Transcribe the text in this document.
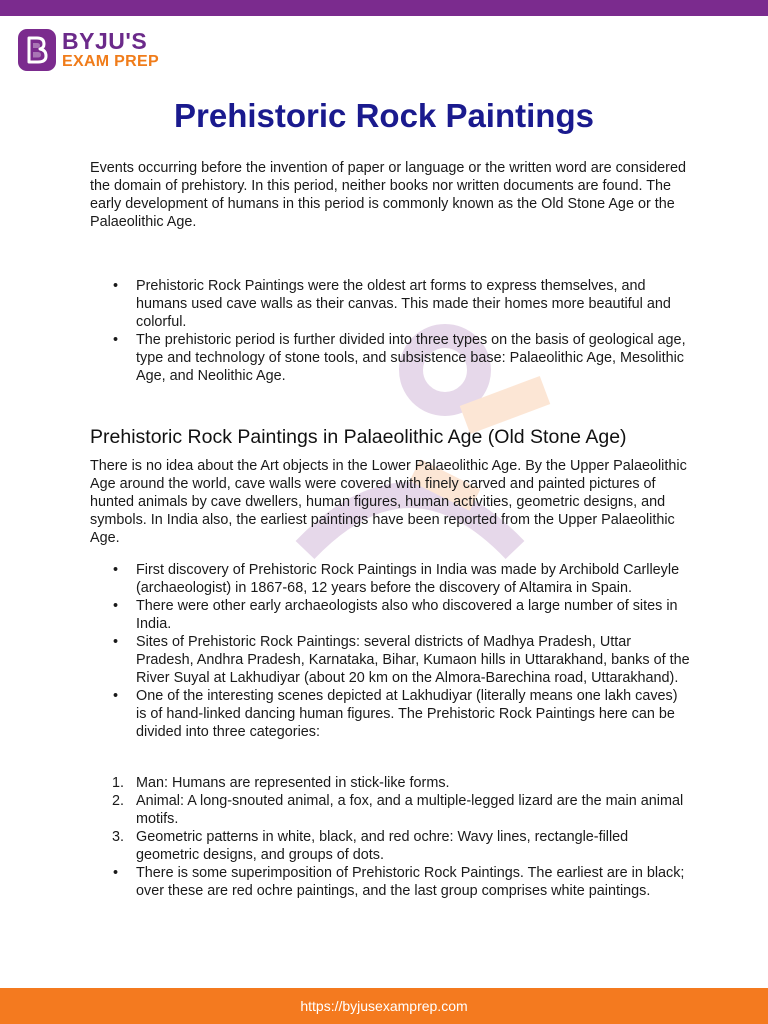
BYJU'S
EXAM PREP
Prehistoric Rock Paintings

Events occurring before the invention of paper or language or the written word are considered the domain of prehistory. In this period, neither books nor written documents are found. The early development of humans in this period is commonly known as the Old Stone Age or the Palaeolithic Age.

• Prehistoric Rock Paintings were the oldest art forms to express themselves, and humans used cave walls as their canvas. This made their homes more beautiful and colorful.
• The prehistoric period is further divided into three types on the basis of geological age, type and technology of stone tools, and subsistence base: Palaeolithic Age, Mesolithic Age, and Neolithic Age.
Prehistoric Rock Paintings in Palaeolithic Age (Old Stone Age)

There is no idea about the Art objects in the Lower Palaeolithic Age. By the Upper Palaeolithic Age around the world, cave walls were covered with finely carved and painted pictures of hunted animals by cave dwellers, human figures, human activities, geometric designs, and symbols. In India also, the earliest paintings have been reported from the Upper Palaeolithic Age.

• First discovery of Prehistoric Rock Paintings in India was made by Archibold Carlleyle (archaeologist) in 1867-68, 12 years before the discovery of Altamira in Spain.
• There were other early archaeologists also who discovered a large number of sites in India.
• Sites of Prehistoric Rock Paintings: several districts of Madhya Pradesh, Uttar Pradesh, Andhra Pradesh, Karnataka, Bihar, Kumaon hills in Uttarakhand, banks of the River Suyal at Lakhudiyar (about 20 km on the Almora-Barechina road, Uttarakhand).
• One of the interesting scenes depicted at Lakhudiyar (literally means one lakh caves) is of hand-linked dancing human figures. The Prehistoric Rock Paintings here can be divided into three categories:
1. Man: Humans are represented in stick-like forms.
2. Animal: A long-snouted animal, a fox, and a multiple-legged lizard are the main animal motifs.
3. Geometric patterns in white, black, and red ochre: Wavy lines, rectangle-filled geometric designs, and groups of dots.
• There is some superimposition of Prehistoric Rock Paintings. The earliest are in black; over these are red ochre paintings, and the last group comprises white paintings.
https://byjusexamprep.com
